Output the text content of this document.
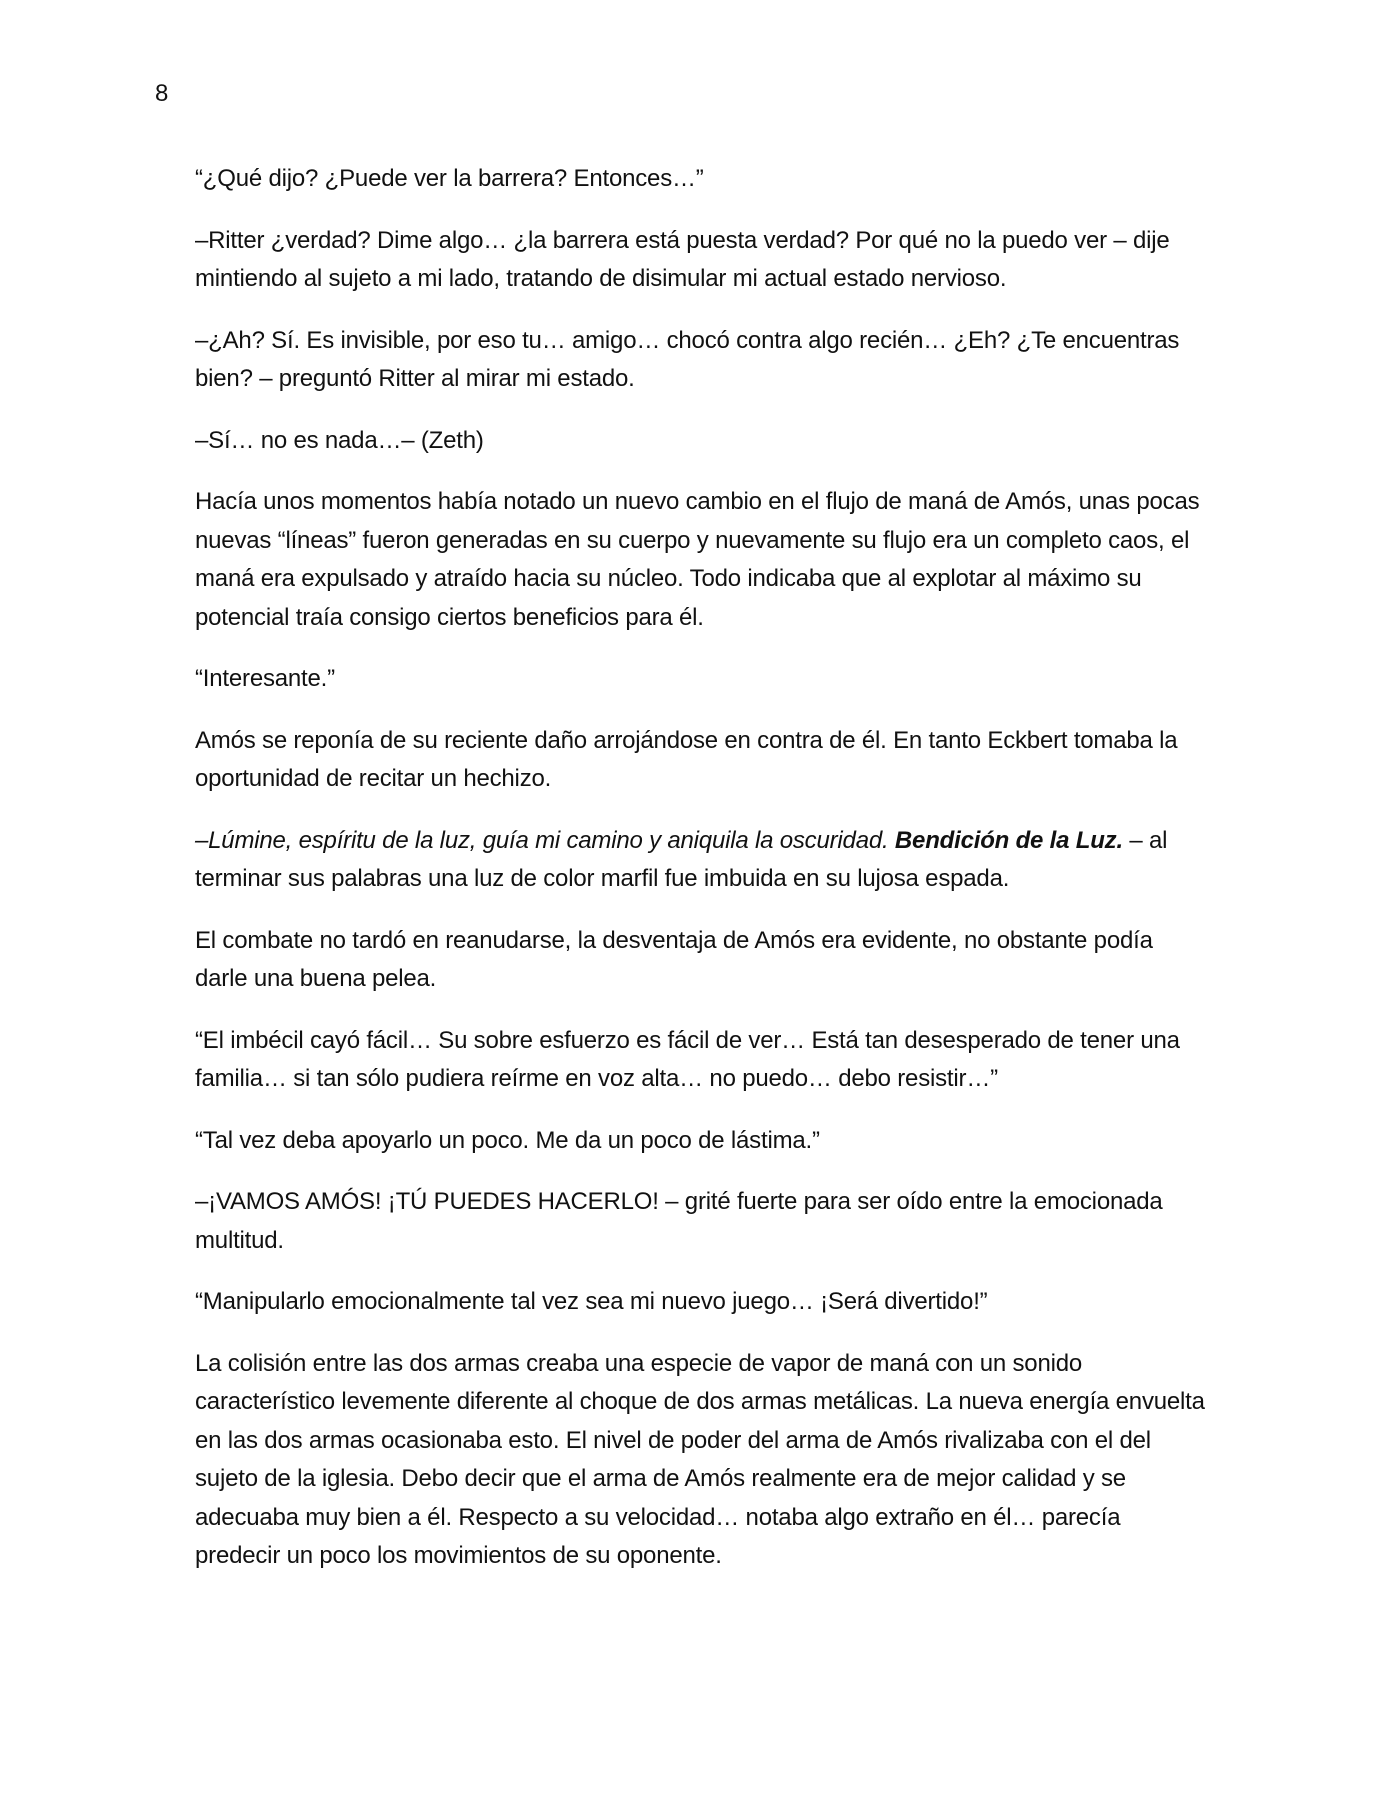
8

“¿Qué dijo? ¿Puede ver la barrera? Entonces…”

–Ritter ¿verdad? Dime algo… ¿la barrera está puesta verdad? Por qué no la puedo ver – dije mintiendo al sujeto a mi lado, tratando de disimular mi actual estado nervioso.

–¿Ah? Sí. Es invisible, por eso tu… amigo… chocó contra algo recién… ¿Eh? ¿Te encuentras bien? – preguntó Ritter al mirar mi estado.

–Sí… no es nada…– (Zeth)

Hacía unos momentos había notado un nuevo cambio en el flujo de maná de Amós, unas pocas nuevas “líneas” fueron generadas en su cuerpo y nuevamente su flujo era un completo caos, el maná era expulsado y atraído hacia su núcleo. Todo indicaba que al explotar al máximo su potencial traía consigo ciertos beneficios para él.

“Interesante.”

Amós se reponía de su reciente daño arrojándose en contra de él. En tanto Eckbert tomaba la oportunidad de recitar un hechizo.

–Lúmine, espíritu de la luz, guía mi camino y aniquila la oscuridad. Bendición de la Luz. – al terminar sus palabras una luz de color marfil fue imbuida en su lujosa espada.

El combate no tardó en reanudarse, la desventaja de Amós era evidente, no obstante podía darle una buena pelea.

“El imbécil cayó fácil… Su sobre esfuerzo es fácil de ver… Está tan desesperado de tener una familia… si tan sólo pudiera reírme en voz alta… no puedo… debo resistir…”

“Tal vez deba apoyarlo un poco. Me da un poco de lástima.”

–¡VAMOS AMÓS! ¡TÚ PUEDES HACERLO! – grité fuerte para ser oído entre la emocionada multitud.

“Manipularlo emocionalmente tal vez sea mi nuevo juego… ¡Será divertido!”

La colisión entre las dos armas creaba una especie de vapor de maná con un sonido característico levemente diferente al choque de dos armas metálicas. La nueva energía envuelta en las dos armas ocasionaba esto. El nivel de poder del arma de Amós rivalizaba con el del sujeto de la iglesia. Debo decir que el arma de Amós realmente era de mejor calidad y se adecuaba muy bien a él. Respecto a su velocidad… notaba algo extraño en él… parecía predecir un poco los movimientos de su oponente.
